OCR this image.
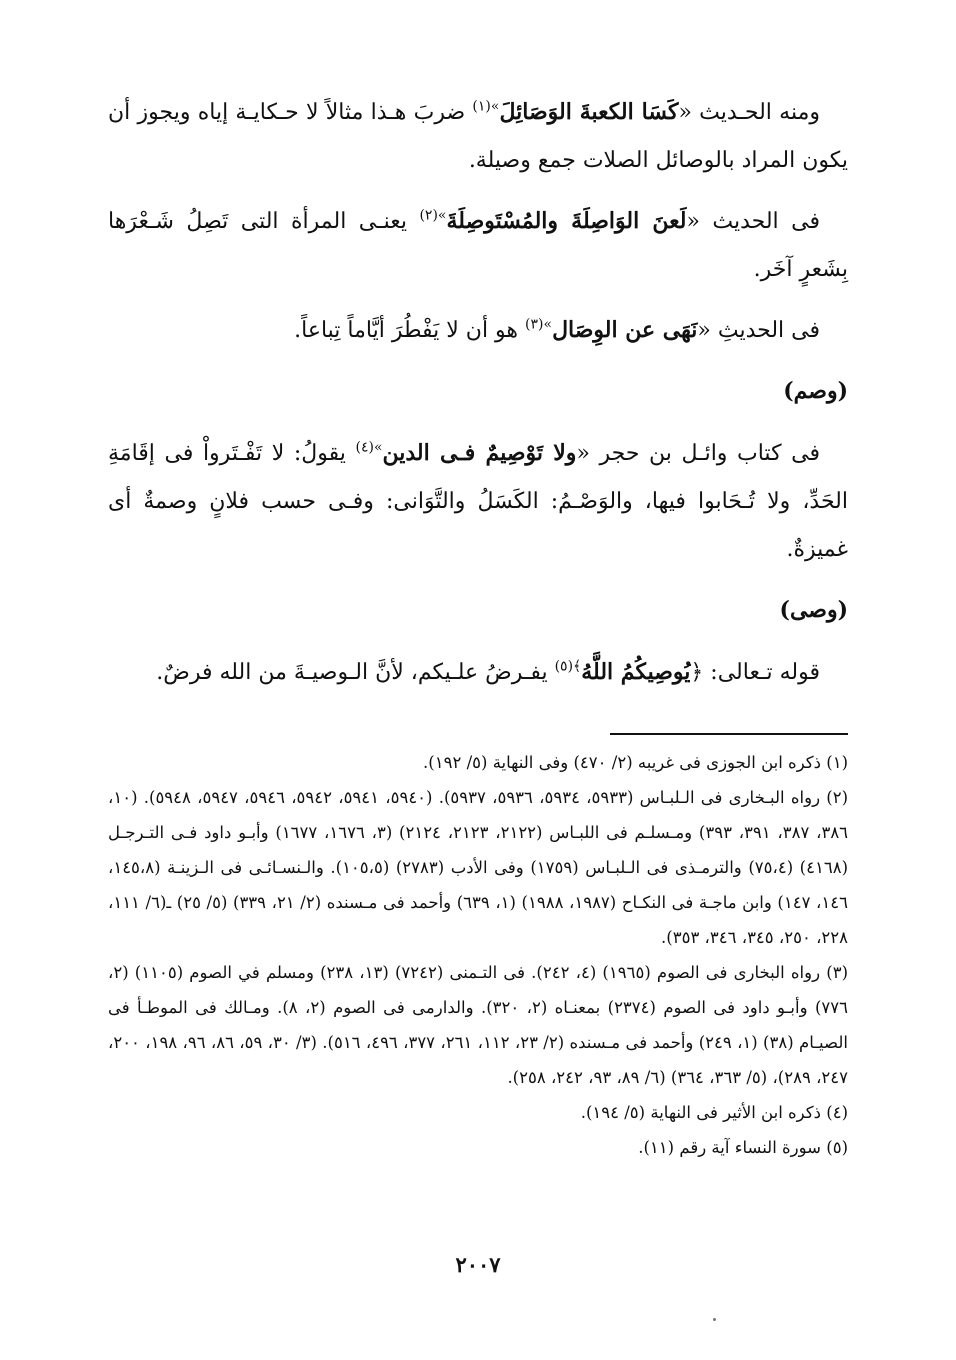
ومنه الحـديث «كَسَا الكعبةَ الوَصَائِلَ$^{»(١)}$ ضربَ هـذا مثالاً لا حـكايـة إياه ويجوز أن يكون المراد بالوصائل الصلات جمع وصيلة.

فى الحديث «لَعنَ الوَاصِلَةَ والمُسْتَوصِلَةَ$^{»(٢)}$ يعنـى المرأة التى تَصِلُ شَـعْرَها بِشَعرٍ آخَر.

فى الحديثِ «نَهَى عن الوِصَال$^{»(٣)}$ هو أن لا يَفْطُرَ أيَّاماً تِباعاً.

(وصم)

فى كتاب وائـل بن حجر «ولا تَوْصِيمٌ فـى الدين$^{»(٤)}$ يقولُ: لا تَفْـتَرواْ فى إقَامَةِ الحَدِّ، ولا تُـحَابوا فيها، والوَصْـمُ: الكَسَلُ والتَّوَانى: وفـى حسب فلانٍ وصمةٌ أى غميزةٌ.

(وصى)

قوله تـعالى: ﴿يُوصِيكُمُ اللَّهُ$^{﴾(٥)}$ يفـرضُ علـيكم، لأنَّ الـوصيـةَ من الله فرضٌ.

(١) ذكره ابن الجوزى فى غريبه (٢/ ٤٧٠) وفى النهاية (٥/ ١٩٢).

(٢) رواه البـخارى فى الـلبـاس (٥٩٣٣، ٥٩٣٤، ٥٩٣٦، ٥٩٣٧). (٥٩٤٠، ٥٩٤١، ٥٩٤٢، ٥٩٤٦، ٥٩٤٧، ٥٩٤٨). (١٠، ٣٨٦، ٣٨٧، ٣٩١، ٣٩٣) ومـسلـم فى اللبـاس (٢١٢٢، ٢١٢٣، ٢١٢٤) (٣، ١٦٧٦، ١٦٧٧) وأبـو داود فـى التـرجـل (٤١٦٨) (٧٥،٤) والترمـذى فى الـلبـاس (١٧٥٩) وفى الأدب (٢٧٨٣) (١٠٥،٥). والـنسـائـى فى الـزينـة (١٤٥،٨، ١٤٦، ١٤٧) وابن ماجـة فى النكـاح (١٩٨٧، ١٩٨٨) (١، ٦٣٩) وأحمد فى مـسنده (٢/ ٢١، ٣٣٩) (٥/ ٢٥) ـ(٦/ ١١١، ٢٢٨، ٢٥٠، ٣٤٥، ٣٤٦، ٣٥٣).

(٣) رواه البخارى فى الصوم (١٩٦٥) (٤، ٢٤٢). فى التـمنى (٧٢٤٢) (١٣، ٢٣٨) ومسلم في الصوم (١١٠٥) (٢، ٧٧٦) وأبـو داود فى الصوم (٢٣٧٤) بمعنـاه (٢، ٣٢٠). والدارمى فى الصوم (٢، ٨). ومـالك فى الموطـأ فى الصيـام (٣٨) (١، ٢٤٩) وأحمد فى مـسنده (٢/ ٢٣، ١١٢، ٢٦١، ٣٧٧، ٤٩٦، ٥١٦). (٣/ ٣٠، ٥٩، ٨٦، ٩٦، ١٩٨، ٢٠٠، ٢٤٧، ٢٨٩)، (٥/ ٣٦٣، ٣٦٤) (٦/ ٨٩، ٩٣، ٢٤٢، ٢٥٨).

(٤) ذكره ابن الأثير فى النهاية (٥/ ١٩٤).

(٥) سورة النساء آية رقم (١١).

٢٠٠٧
